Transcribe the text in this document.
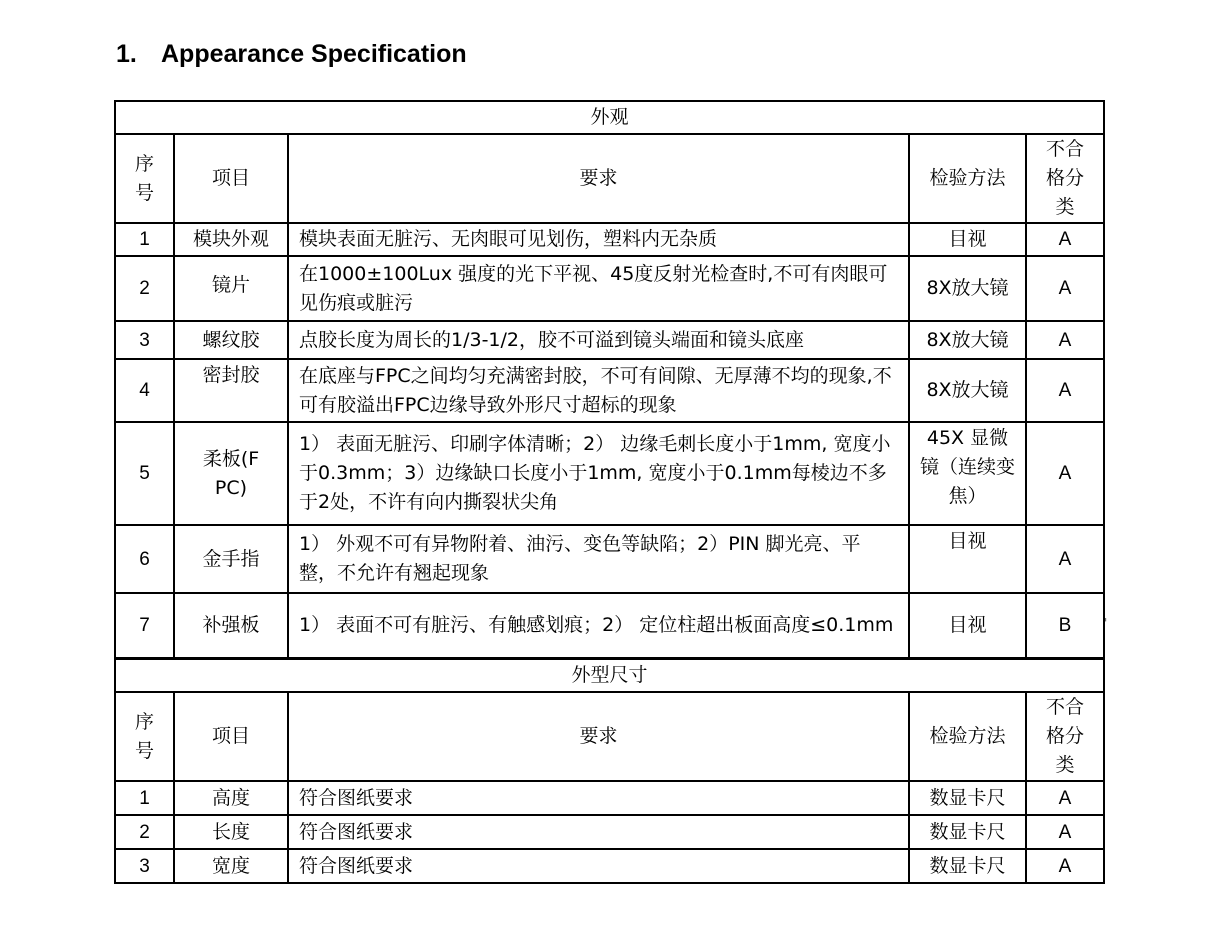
1. Appearance Specification
外观				
序号	项目	要求	检验方法	不合格分类
1	模块外观	模块表面无脏污、无肉眼可见划伤，塑料内无杂质	目视	A
2	镜片	在1000±100Lux 强度的光下平视、45度反射光检查时,不可有肉眼可见伤痕或脏污	8X放大镜	A
3	螺纹胶	点胶长度为周长的1/3-1/2，胶不可溢到镜头端面和镜头底座	8X放大镜	A
4	密封胶	在底座与FPC之间均匀充满密封胶，不可有间隙、无厚薄不均的现象,不可有胶溢出FPC边缘导致外形尺寸超标的现象	8X放大镜	A
5	柔板(FPC)	1） 表面无脏污、印刷字体清晰；2） 边缘毛刺长度小于1mm, 宽度小于0.3mm；3）边缘缺口长度小于1mm, 宽度小于0.1mm每棱边不多于2处，不许有向内撕裂状尖角	45X 显微镜（连续变焦）	A
6	金手指	1） 外观不可有异物附着、油污、变色等缺陷；2）PIN 脚光亮、平整，不允许有翘起现象	目视	A
7	补强板	1） 表面不可有脏污、有触感划痕；2） 定位柱超出板面高度≤0.1mm	目视	B	'
外型尺寸				
序号	项目	要求	检验方法	不合格分类
1	高度	符合图纸要求	数显卡尺	A
2	长度	符合图纸要求	数显卡尺	A
3	宽度	符合图纸要求	数显卡尺	A
